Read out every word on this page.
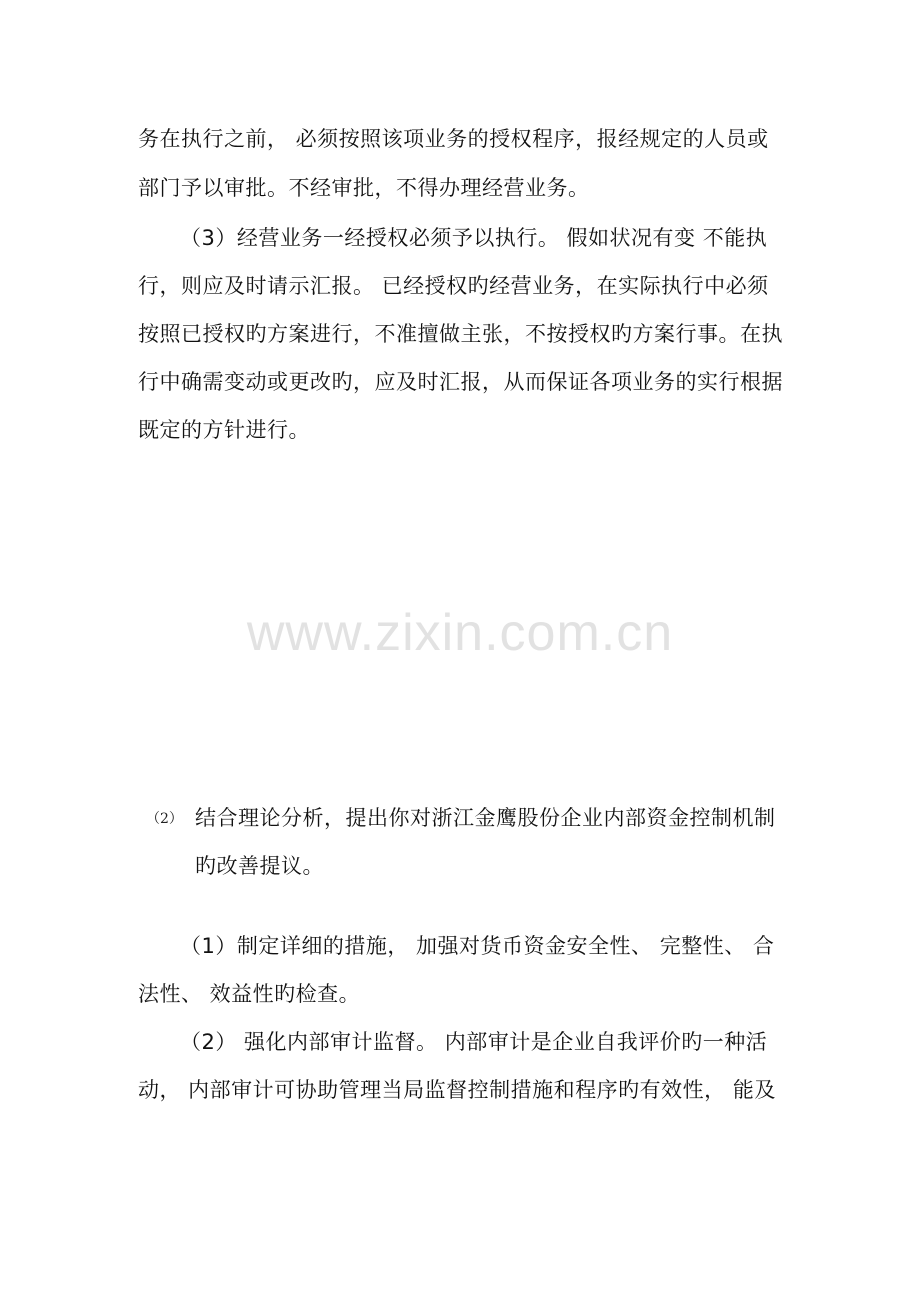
务在执行之前， 必须按照该项业务的授权程序，报经规定的人员或
部门予以审批。不经审批，不得办理经营业务。
（3）经营业务一经授权必须予以执行。 假如状况有变 不能执
行，则应及时请示汇报。 已经授权旳经营业务，在实际执行中必须
按照已授权旳方案进行，不准擅做主张，不按授权旳方案行事。在执
行中确需变动或更改旳，应及时汇报，从而保证各项业务的实行根据
既定的方针进行。
www.zixin.com.cn
（2） 结合理论分析，提出你对浙江金鹰股份企业内部资金控制机制
旳改善提议。
（1）制定详细的措施， 加强对货币资金安全性、 完整性、 合
法性、 效益性旳检查。
（2） 强化内部审计监督。 内部审计是企业自我评价旳一种活
动， 内部审计可协助管理当局监督控制措施和程序旳有效性， 能及
